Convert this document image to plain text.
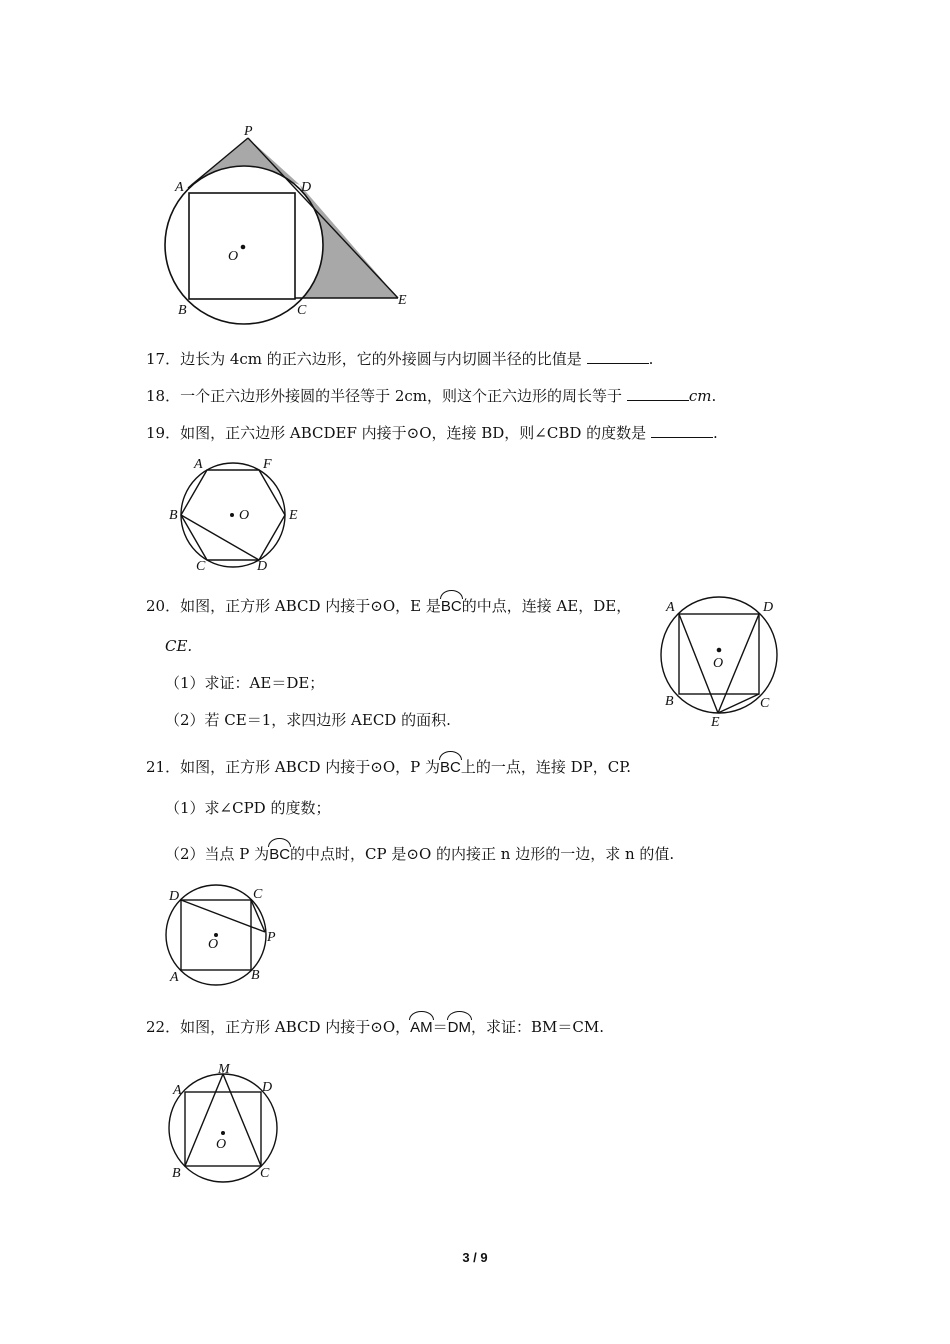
P
A	D
O
B	C
E
17．边长为 4cm 的正六边形，它的外接圆与内切圆半径的比值是	.
18．一个正六边形外接圆的半径等于 2cm，则这个正六边形的周长等于	cm.
19．如图，正六边形 ABCDEF 内接于⊙O，连接 BD，则∠CBD 的度数是	.
A	F
B	O	E
C	D
20．如图，正方形 ABCD 内接于⊙O，E 是BC的中点，连接 AE，DE，
CE.
（1）求证：AE＝DE；
（2）若 CE＝1，求四边形 AECD 的面积.
A	D
O
B	C
E
21．如图，正方形 ABCD 内接于⊙O，P 为BC上的一点，连接 DP，CP.
（1）求∠CPD 的度数；
（2）当点 P 为BC的中点时，CP 是⊙O 的内接正 n 边形的一边，求 n 的值.
D	C
O	P
A	B
22．如图，正方形 ABCD 内接于⊙O，AM＝DM，求证：BM＝CM.
M
A	D
O
B	C
3 / 9
